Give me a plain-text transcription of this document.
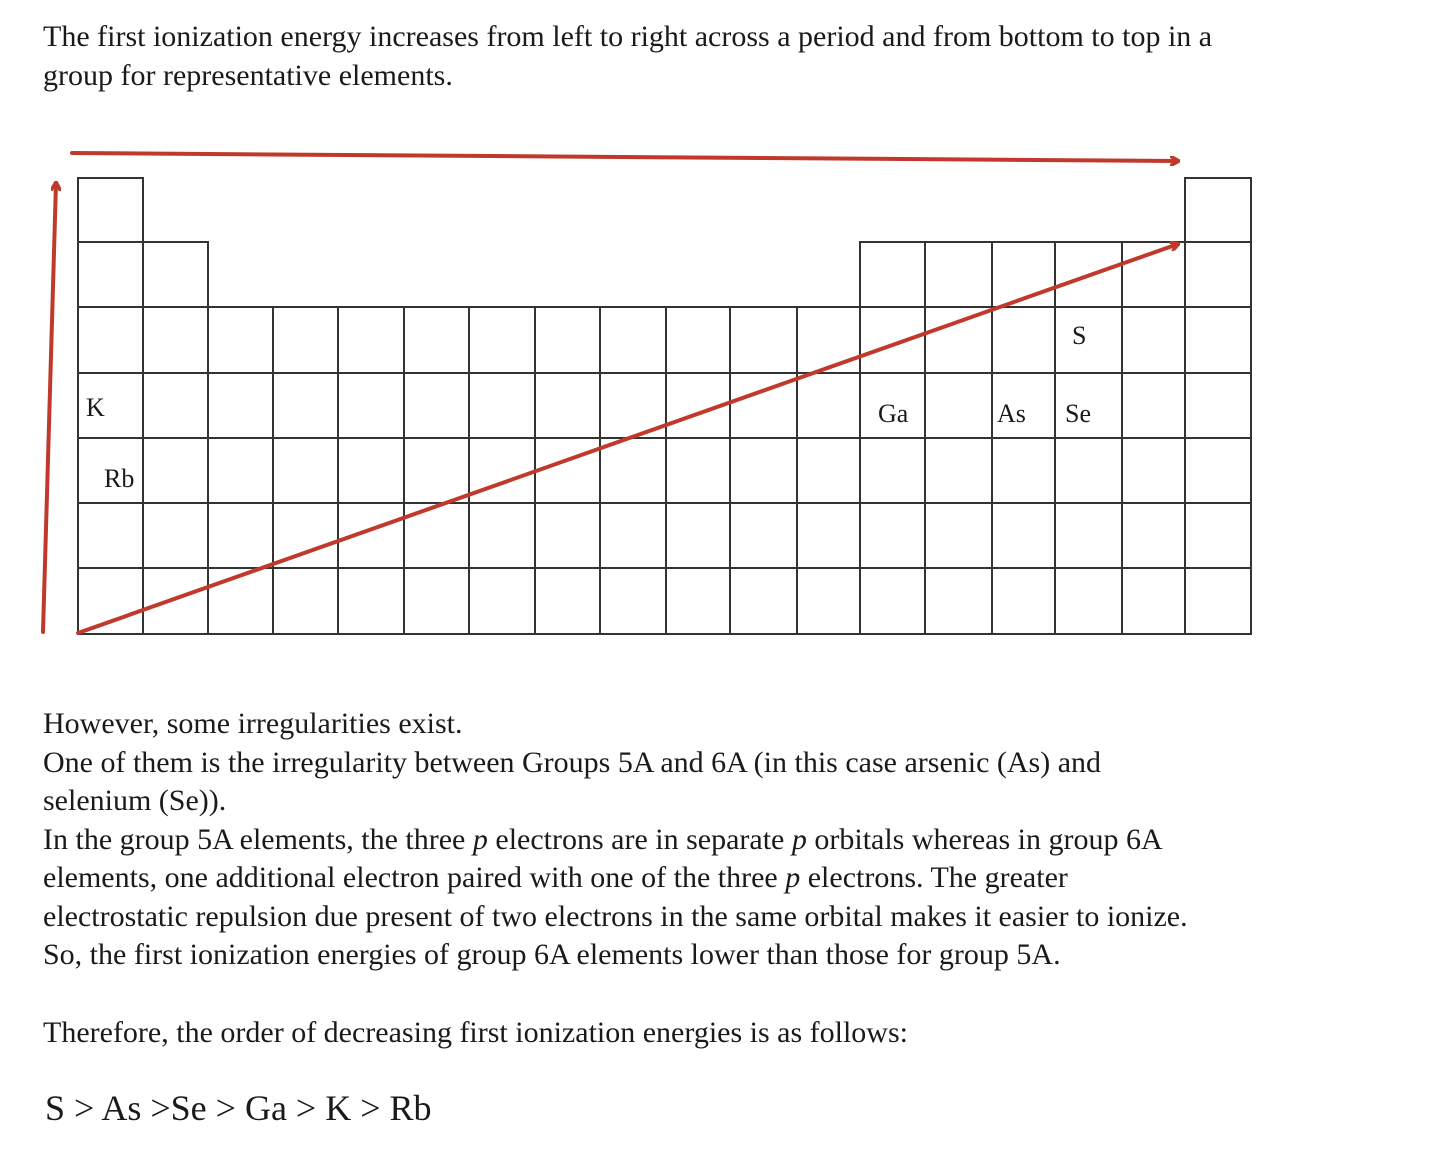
The first ionization energy increases from left to right across a period and from bottom to top in a
group for representative elements.

K
Rb
Ga	As Se
S
However, some irregularities exist.
One of them is the irregularity between Groups 5A and 6A (in this case arsenic (As) and
selenium (Se)).
In the group 5A elements, the three p electrons are in separate p orbitals whereas in group 6A
elements, one additional electron paired with one of the three p electrons. The greater
electrostatic repulsion due present of two electrons in the same orbital makes it easier to ionize.
So, the first ionization energies of group 6A elements lower than those for group 5A.

Therefore, the order of decreasing first ionization energies is as follows:

S > As >Se > Ga > K > Rb
